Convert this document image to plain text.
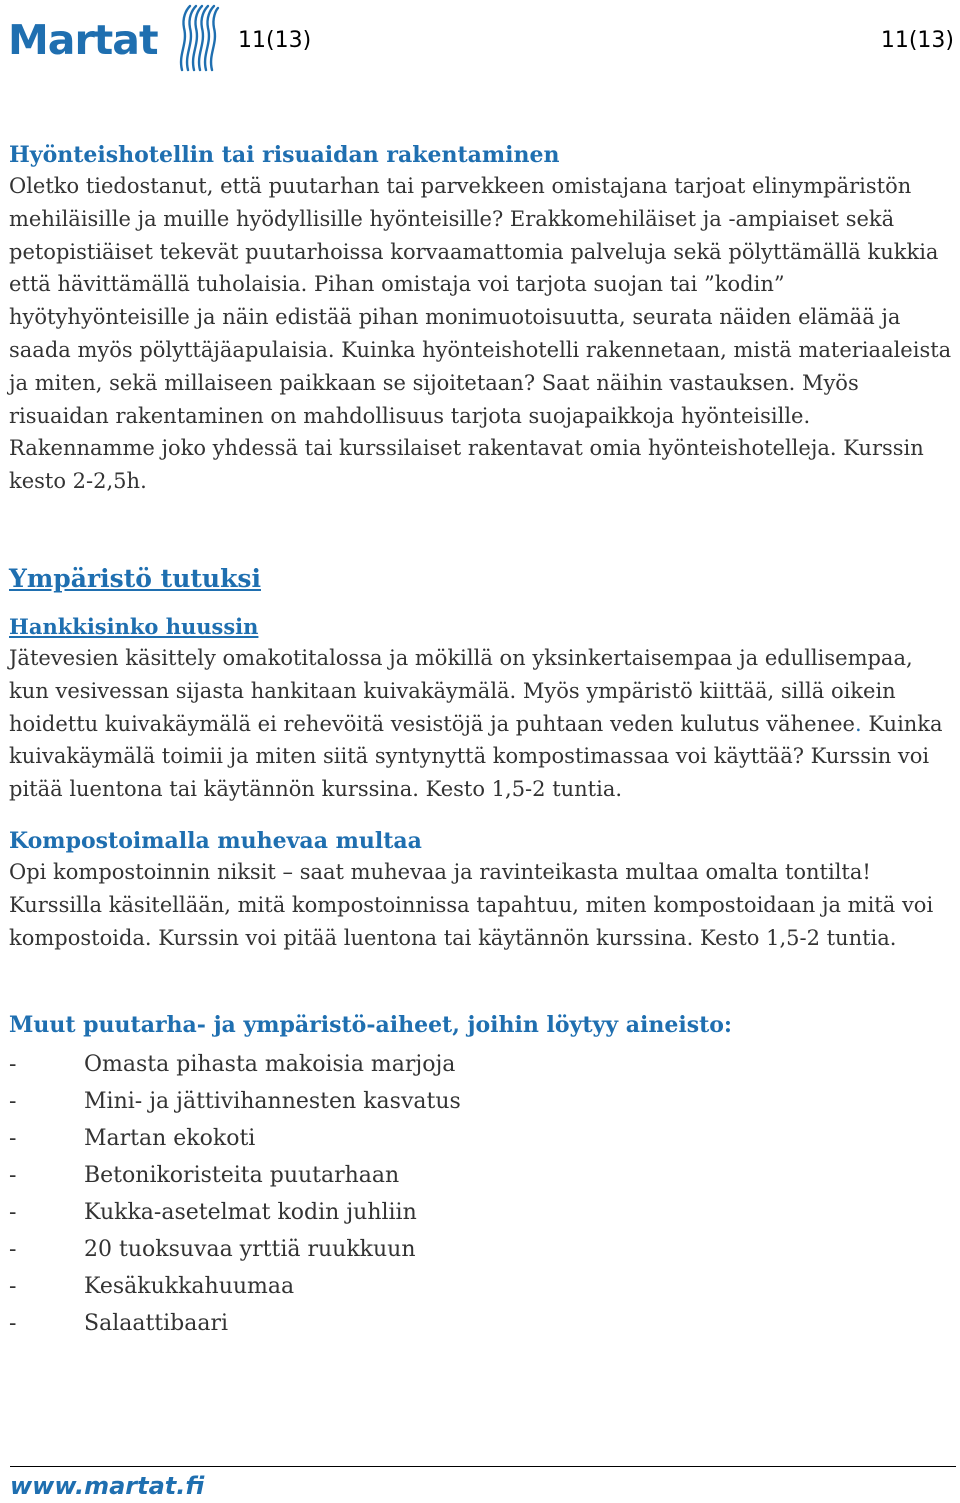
Martat	11(13)	11(13)
Hyönteishotellin tai risuaidan rakentaminen

Oletko tiedostanut, että puutarhan tai parvekkeen omistajana tarjoat elinympäristön mehiläisille ja muille hyödyllisille hyönteisille? Erakkomehiläiset ja -ampiaiset sekä petopistiäiset tekevät puutarhoissa korvaamattomia palveluja sekä pölyttämällä kukkia että hävittämällä tuholaisia. Pihan omistaja voi tarjota suojan tai ”kodin” hyötyhyönteisille ja näin edistää pihan monimuotoisuutta, seurata näiden elämää ja saada myös pölyttäjäapulaisia. Kuinka hyönteishotelli rakennetaan, mistä materiaaleista ja miten, sekä millaiseen paikkaan se sijoitetaan? Saat näihin vastauksen. Myös risuaidan rakentaminen on mahdollisuus tarjota suojapaikkoja hyönteisille. Rakennamme joko yhdessä tai kurssilaiset rakentavat omia hyönteishotelleja. Kurssin kesto 2-2,5h.

Ympäristö tutuksi
Hankkisinko huussin

Jätevesien käsittely omakotitalossa ja mökillä on yksinkertaisempaa ja edullisempaa, kun vesivessan sijasta hankitaan kuivakäymälä. Myös ympäristö kiittää, sillä oikein hoidettu kuivakäymälä ei rehevöitä vesistöjä ja puhtaan veden kulutus vähenee. Kuinka kuivakäymälä toimii ja miten siitä syntynyttä kompostimassaa voi käyttää? Kurssin voi pitää luentona tai käytännön kurssina. Kesto 1,5-2 tuntia.

Kompostoimalla muhevaa multaa

Opi kompostoinnin niksit – saat muhevaa ja ravinteikasta multaa omalta tontilta! Kurssilla käsitellään, mitä kompostoinnissa tapahtuu, miten kompostoidaan ja mitä voi kompostoida. Kurssin voi pitää luentona tai käytännön kurssina. Kesto 1,5-2 tuntia.

Muut puutarha- ja ympäristö-aiheet, joihin löytyy aineisto:
-	Omasta pihasta makoisia marjoja
-	Mini- ja jättivihannesten kasvatus
-	Martan ekokoti
-	Betonikoristeita puutarhaan
-	Kukka-asetelmat kodin juhliin
-	20 tuoksuvaa yrttiä ruukkuun
-	Kesäkukkahuumaa
-	Salaattibaari
www.martat.fi
